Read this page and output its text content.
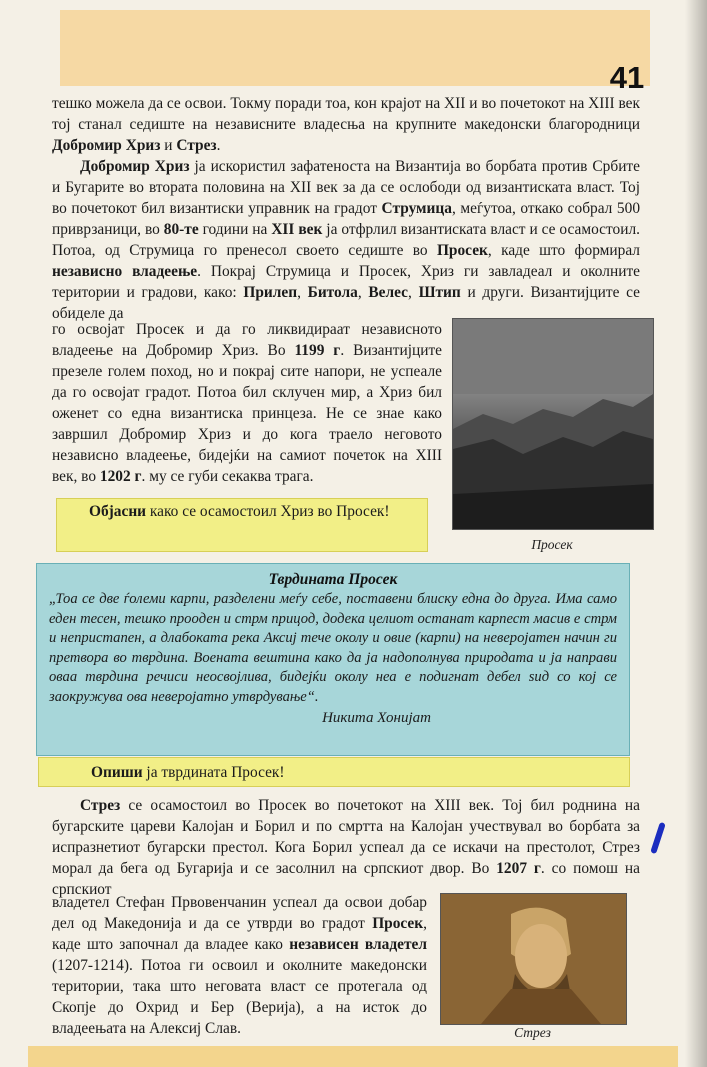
41

тешко можела да се освои. Токму поради тоа, кон крајот на XII и во почетокот на XIII век тој станал седиште на независните владесња на крупните македонски благородници Добромир Хриз и Стрез.

Добромир Хриз ја искористил зафатеноста на Византија во борбата против Србите и Бугарите во втората половина на XII век за да се ослободи од византиската власт. Тој во почетокот бил византиски управник на градот Струмица, меѓутоа, откако собрал 500 приврзаници, во 80-те години на XII век ја отфрлил византиската власт и се осамостоил. Потоа, од Струмица го пренесол своето седиште во Просек, каде што формирал независно владеење. Покрај Струмица и Просек, Хриз ги завладеал и околните територии и градови, како: Прилеп, Битола, Велес, Штип и други. Византијците се обиделе да

го освојат Просек и да го ликвидираат независното владеење на Добромир Хриз. Во 1199 г. Византијците презеле голем поход, но и покрај сите напори, не успеале да го освојат градот. Потоа бил склучен мир, а Хриз бил оженет со една византиска принцеза. Не се знае како завршил Добромир Хриз и до кога траело неговото независно владеење, бидејќи на самиот почеток на XIII век, во 1202 г. му се губи секаква трага.

Просек
Објасни како се осамостоил Хриз во Просек!
Тврдината Просек

„Тоа се две ѓолеми карпи, разделени меѓу себе, поставени блиску една до друга. Има само еден тесен, тешко проoден и стрм прицод, додека целиот останат карпест масив е стрм и непристапен, а длабоката река Аксиј тече околу и овие (карпи) на неверојатен начин ги претвора во тврдина. Воената вештина како да ја надополнува природата и ја направи оваа тврдина речиси неосвојлива, бидејќи околу неа е подигнат дебел ѕид со кој се заокружува ова неверојатно утврдување“.

Никита Хонијат
Опиши ја тврдината Просек!

Стрез се осамостоил во Просек во почетокот на XIII век. Тој бил роднина на бугарските цареви Калојан и Борил и по смртта на Калојан учествувал во борбата за испразнетиот бугарски престол. Кога Борил успеал да се искачи на престолот, Стрез морал да бега од Бугарија и се засолнил на српскиот двор. Во 1207 г. со помош на српскиот

владетел Стефан Првовенчанин успеал да освои добар дел од Македонија и да се утврди во градот Просек, каде што започнал да владее како независен владетел (1207-1214). Потоа ги освоил и околните македонски територии, така што неговата власт се протегала од Скопје до Охрид и Бер (Верија), а на исток до владеењата на Алексиј Слав.	Стрез
